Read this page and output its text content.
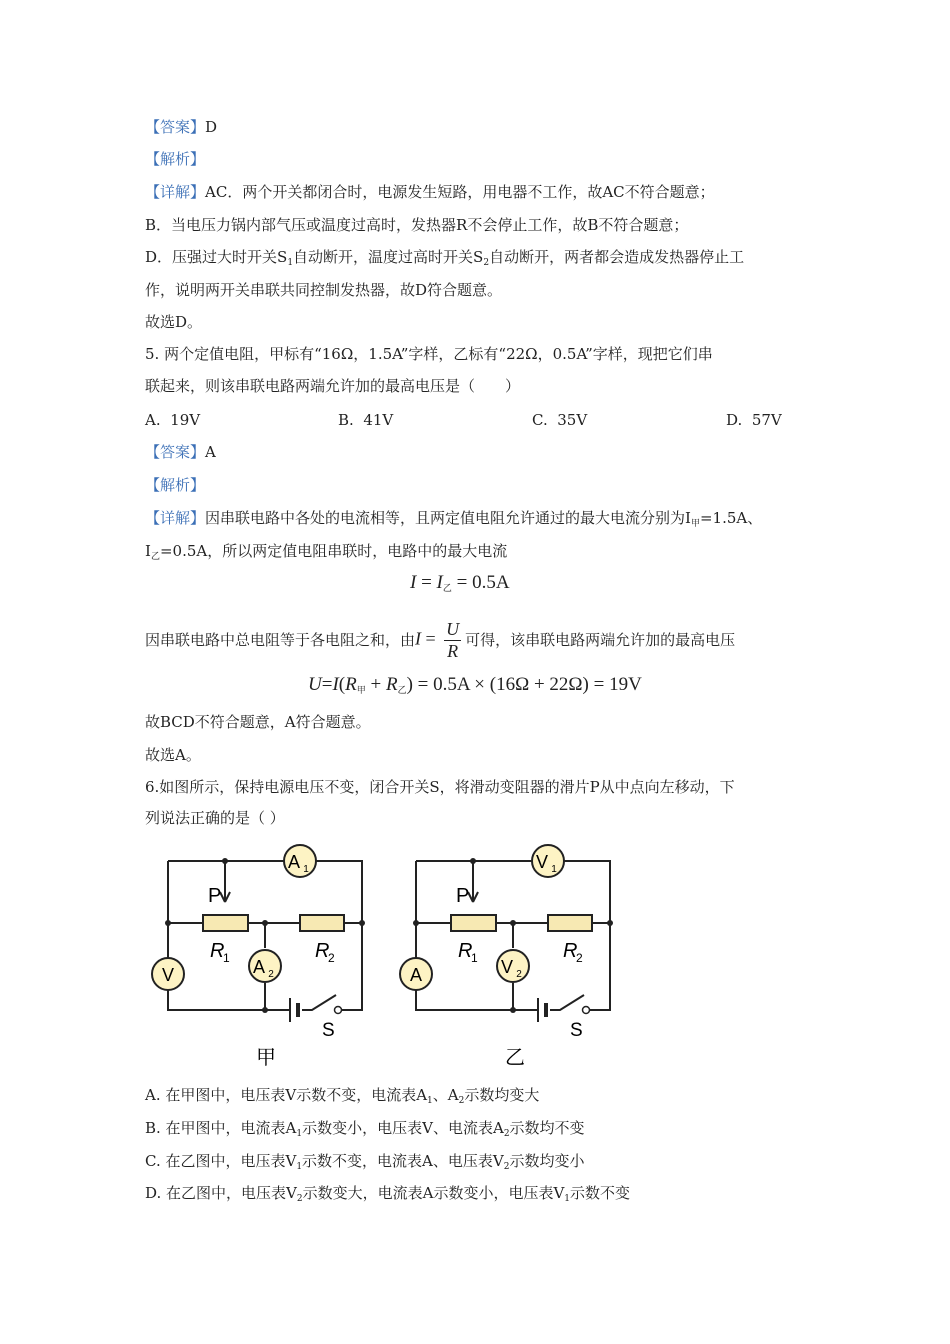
【答案】D
【解析】
【详解】AC．两个开关都闭合时，电源发生短路，用电器不工作，故AC不符合题意；
B．当电压力锅内部气压或温度过高时，发热器R不会停止工作，故B不符合题意；
D．压强过大时开关$S_1$自动断开，温度过高时开关$S_2$自动断开，两者都会造成发热器停止工
作，说明两开关串联共同控制发热器，故D符合题意。
故选D。
5. 两个定值电阻，甲标有“16Ω，1.5A”字样，乙标有“22Ω，0.5A”字样，现把它们串
联起来，则该串联电路两端允许加的最高电压是（　　）
A. 19V	B. 41V	C. 35V	D. 57V
【答案】A
【解析】
【详解】因串联电路中各处的电流相等，且两定值电阻允许通过的最大电流分别为$I_甲=1.5A$、
$I_乙=0.5A$，所以两定值电阻串联时，电路中的最大电流
$I = I_乙 = 0.5A$
因串联电路中总电阻等于各电阻之和，由 $I = \frac{U}{R}$ 可得，该串联电路两端允许加的最高电压
$U=I(R_甲 + R_乙) = 0.5A \times (16\Omega + 22\Omega) = 19V$
故BCD不符合题意，A符合题意。
故选A。
6.如图所示，保持电源电压不变，闭合开关S，将滑动变阻器的滑片P从中点向左移动，下
列说法正确的是（ ）
A 1
V	A 2
P
R
1	R
2
S
甲
V 1
A	V 2
P
R
1	R
2
S
乙
A. 在甲图中，电压表V示数不变，电流表$A_1$、$A_2$示数均变大
B. 在甲图中，电流表$A_1$示数变小，电压表V、电流表$A_2$示数均不变
C. 在乙图中，电压表$V_1$示数不变，电流表A、电压表$V_2$示数均变小
D. 在乙图中，电压表$V_2$示数变大，电流表A示数变小，电压表$V_1$示数不变
